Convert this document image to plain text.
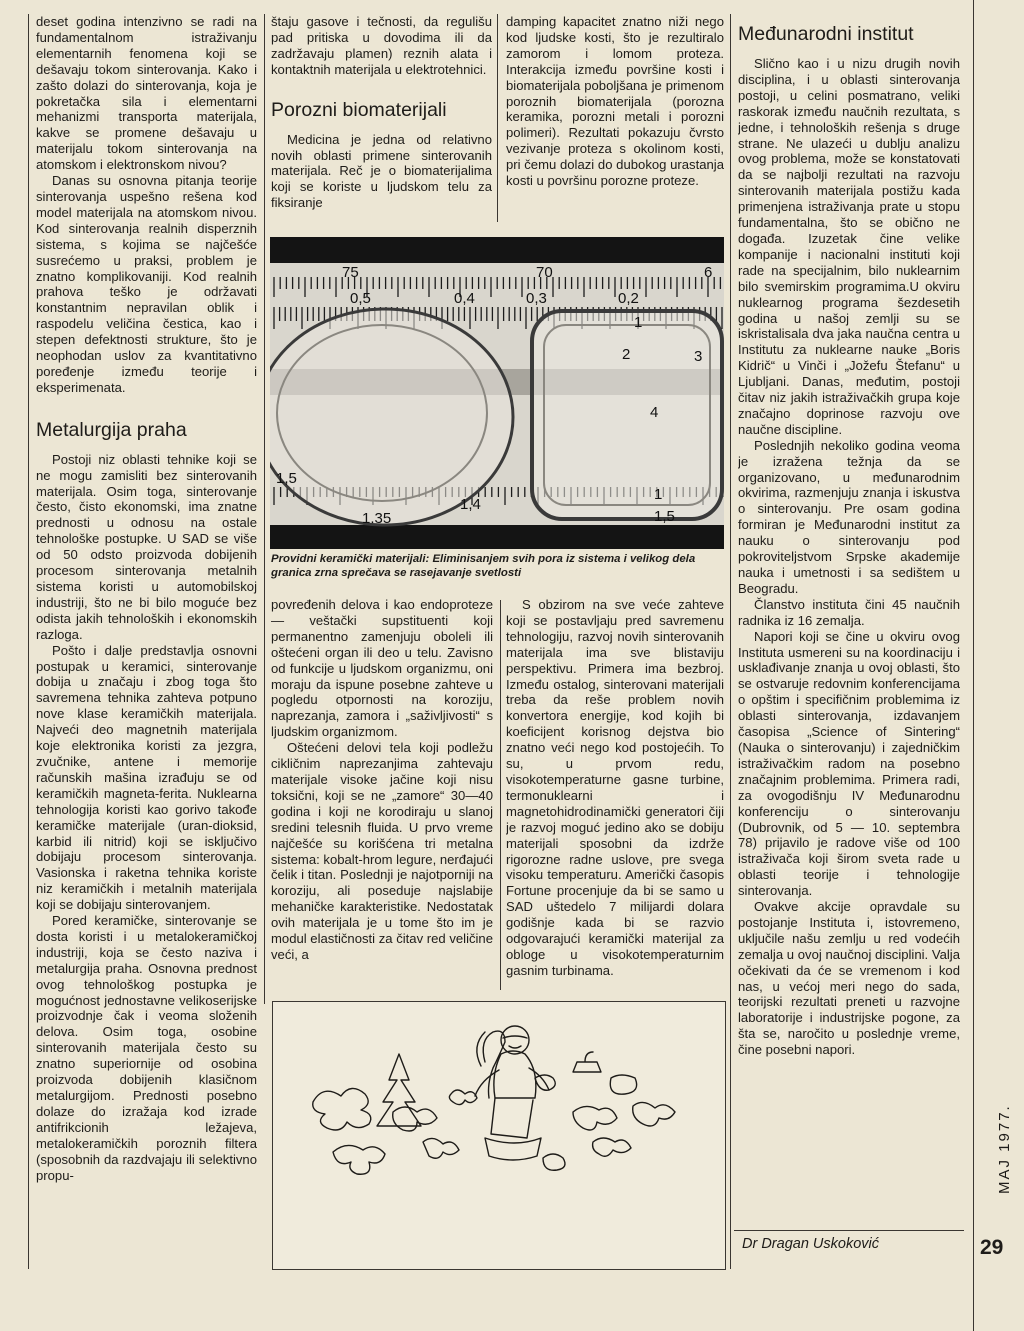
deset godina intenzivno se radi na fundamentalnom istraživanju elementarnih fenomena koji se dešavaju tokom sinterovanja. Kako i zašto dolazi do sinterovanja, koja je pokretačka sila i elementarni mehanizmi transporta materijala, kakve se promene dešavaju u materijalu tokom sinterovanja na atomskom i elektronskom nivou?

Danas su osnovna pitanja teorije sinterovanja uspešno rešena kod model materijala na atomskom nivou. Kod sinterovanja realnih disperznih sistema, s kojima se najčešće susrećemo u praksi, problem je znatno komplikovaniji. Kod realnih prahova teško je održavati konstantnim nepravilan oblik i raspodelu veličina čestica, kao i stepen defektnosti strukture, što je neophodan uslov za kvantitativno poređenje između teorije i eksperimenata.

Metalurgija praha

Postoji niz oblasti tehnike koji se ne mogu zamisliti bez sinterovanih materijala. Osim toga, sinterovanje često, čisto ekonomski, ima znatne prednosti u odnosu na ostale tehnološke postupke. U SAD se više od 50 odsto proizvoda dobijenih procesom sinterovanja metalnih sistema koristi u automobilskoj industriji, što ne bi bilo moguće bez odista jakih tehnoloških i ekonomskih razloga.

Pošto i dalje predstavlja osnovni postupak u keramici, sinterovanje dobija u značaju i zbog toga što savremena tehnika zahteva potpuno nove klase keramičkih materijala. Najveći deo magnetnih materijala koje elektronika koristi za jezgra, zvučnike, antene i memorije računskih mašina izrađuju se od keramičkih magneta-ferita. Nuklearna tehnologija koristi kao gorivo takođe keramičke materijale (uran-dioksid, karbid ili nitrid) koji se isključivo dobijaju procesom sinterovanja. Vasionska i raketna tehnika koriste niz keramičkih i metalnih materijala koji se dobijaju sinterovanjem.

Pored keramičke, sinterovanje se dosta koristi i u metalokeramičkoj industriji, koja se često naziva i metalurgija praha. Osnovna prednost ovog tehnološkog postupka je mogućnost jednostavne velikoserijske proizvodnje čak i veoma složenih delova. Osim toga, osobine sinterovanih materijala često su znatno superiornije od osobina proizvoda dobijenih klasičnom metalurgijom. Prednosti posebno dolaze do izražaja kod izrade antifrikcionih ležajeva, metalokeramičkih poroznih filtera (sposobnih da razdvajaju ili selektivno propu-

štaju gasove i tečnosti, da regulišu pad pritiska u dovodima ili da zadržavaju plamen) reznih alata i kontaktnih materijala u elektrotehnici.

Porozni biomaterijali

Medicina je jedna od relativno novih oblasti primene sinterovanih materijala. Reč je o biomaterijalima koji se koriste u ljudskom telu za fiksiranje

damping kapacitet znatno niži nego kod ljudske kosti, što je rezultiralo zamorom i lomom proteza. Interakcija između površine kosti i biomaterijala poboljšana je primenom poroznih biomaterijala (porozna keramika, porozni metali i porozni polimeri). Rezultati pokazuju čvrsto vezivanje proteza s okolinom kosti, pri čemu dolazi do dubokog urastanja kosti u površinu porozne proteze.

75	70	6
0,5	0,4	0,3	0,2
1,5
1,4
1,5
1.35
1
2	3
4
1
Providni keramički materijali: Eliminisanjem svih pora iz sistema i velikog dela granica zrna sprečava se rasejavanje svetlosti

povređenih delova i kao endoproteze — veštački supstituenti koji permanentno zamenjuju oboleli ili oštećeni organ ili deo u telu. Zavisno od funkcije u ljudskom organizmu, oni moraju da ispune posebne zahteve u pogledu otpornosti na koroziju, naprezanja, zamora i „saživljivosti“ s ljudskim organizmom.

Oštećeni delovi tela koji podležu cikličnim naprezanjima zahtevaju materijale visoke jačine koji nisu toksični, koji se ne „zamore“ 30—40 godina i koji ne korodiraju u slanoj sredini telesnih fluida. U prvo vreme najčešće su korišćena tri metalna sistema: kobalt-hrom legure, nerđajući čelik i titan. Poslednji je najotporniji na koroziju, ali poseduje najslabije mehaničke karakteristike. Nedostatak ovih materijala je u tome što im je modul elastičnosti za čitav red veličine veći, a

S obzirom na sve veće zahteve koji se postavljaju pred savremenu tehnologiju, razvoj novih sinterovanih materijala ima sve blistaviju perspektivu. Primera ima bezbroj. Između ostalog, sinterovani materijali treba da reše problem novih konvertora energije, kod kojih bi koeficijent korisnog dejstva bio znatno veći nego kod postojećih. To su, u prvom redu, visokotemperaturne gasne turbine, termonuklearni i magnetohidrodinamički generatori čiji je razvoj moguć jedino ako se dobiju materijali sposobni da izdrže rigorozne radne uslove, pre svega visoku temperaturu. Američki časopis Fortune procenjuje da bi se samo u SAD uštedelo 7 milijardi dolara godišnje kada bi se razvio odgovarajući keramički materijal za obloge u visokotemperaturnim gasnim turbinama.

Međunarodni institut

Slično kao i u nizu drugih novih disciplina, i u oblasti sinterovanja postoji, u celini posmatrano, veliki raskorak između naučnih rezultata, s jedne, i tehnoloških rešenja s druge strane. Ne ulazeći u dublju analizu ovog problema, može se konstatovati da se najbolji rezultati na razvoju sinterovanih materijala postižu kada primenjena istraživanja prate u stopu fundamentalna, što se obično ne događa. Izuzetak čine velike kompanije i nacionalni instituti koji rade na specijalnim, bilo nuklearnim bilo svemirskim programima.U okviru nuklearnog programa šezdesetih godina u našoj zemlji su se iskristalisala dva jaka naučna centra u Institutu za nuklearne nauke „Boris Kidrič“ u Vinči i „Jožefu Štefanu“ u Ljubljani. Danas, međutim, postoji čitav niz jakih istraživačkih grupa koje značajno doprinose razvoju ove naučne discipline.

Poslednjih nekoliko godina veoma je izražena težnja da se organizovano, u međunarodnim okvirima, razmenjuju znanja i iskustva o sinterovanju. Pre osam godina formiran je Međunarodni institut za nauku o sinterovanju pod pokroviteljstvom Srpske akademije nauka i umetnosti i sa sedištem u Beogradu.

Članstvo instituta čini 45 naučnih radnika iz 16 zemalja.

Napori koji se čine u okviru ovog Instituta usmereni su na koordinaciju i usklađivanje znanja u ovoj oblasti, što se ostvaruje redovnim konferencijama o opštim i specifičnim problemima iz oblasti sinterovanja, izdavanjem časopisa „Science of Sintering“ (Nauka o sinterovanju) i zajedničkim istraživačkim radom na posebno značajnim problemima. Primera radi, za ovogodišnju IV Međunarodnu konferenciju o sinterovanju (Dubrovnik, od 5 — 10. septembra 78) prijavilo je radove više od 100 istraživača koji širom sveta rade u oblasti teorije i tehnologije sinterovanja.

Ovakve akcije opravdale su postojanje Instituta i, istovremeno, uključile našu zemlju u red vodećih zemalja u ovoj naučnoj disciplini. Valja očekivati da će se vremenom i kod nas, u većoj meri nego do sada, teorijski rezultati preneti u razvojne laboratorije i industrijske pogone, za šta se, naročito u poslednje vreme, čine posebni napori.

Dr Dragan Uskoković
MAJ 1977.
29
